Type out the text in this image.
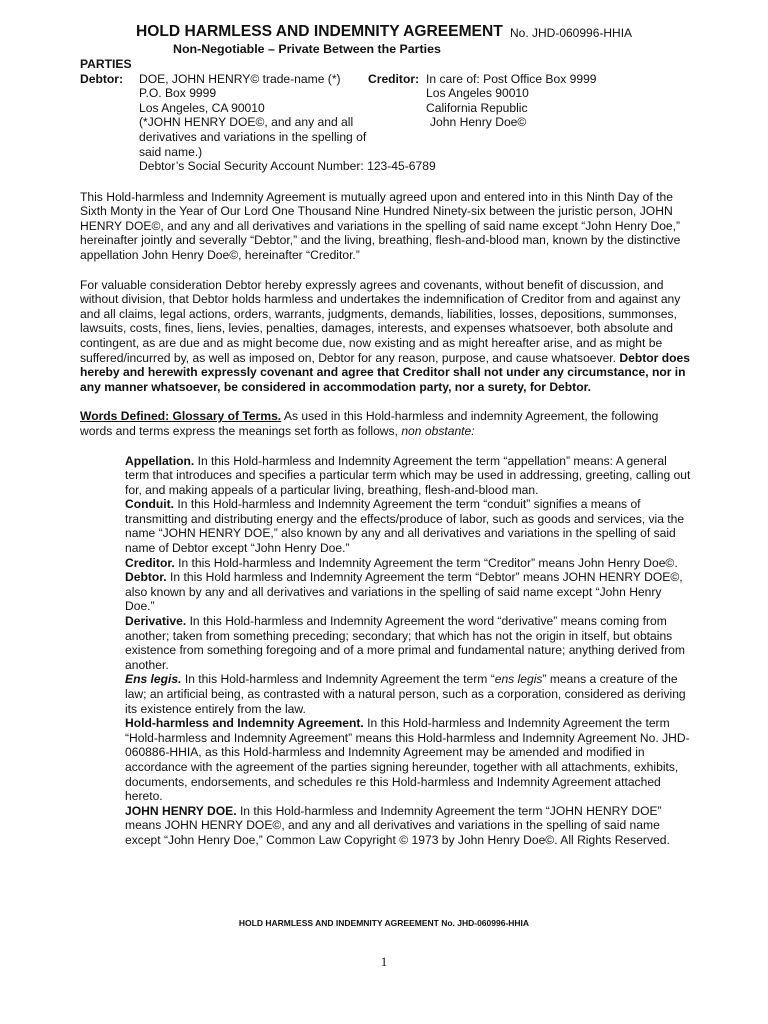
HOLD HARMLESS AND INDEMNITY AGREEMENT No. JHD-060996-HHIA
Non-Negotiable – Private Between the Parties
PARTIES
Debtor: DOE, JOHN HENRY© trade-name (*)
P.O. Box 9999
Los Angeles, CA 90010
(*JOHN HENRY DOE©, and any and all
derivatives and variations in the spelling of
said name.)
Debtor’s Social Security Account Number: 123-45-6789
Creditor: In care of: Post Office Box 9999
Los Angeles 90010
California Republic
John Henry Doe©

This Hold-harmless and Indemnity Agreement is mutually agreed upon and entered into in this Ninth Day of the Sixth Monty in the Year of Our Lord One Thousand Nine Hundred Ninety-six between the juristic person, JOHN HENRY DOE©, and any and all derivatives and variations in the spelling of said name except “John Henry Doe,” hereinafter jointly and severally “Debtor,” and the living, breathing, flesh-and-blood man, known by the distinctive appellation John Henry Doe©, hereinafter “Creditor.”

For valuable consideration Debtor hereby expressly agrees and covenants, without benefit of discussion, and without division, that Debtor holds harmless and undertakes the indemnification of Creditor from and against any and all claims, legal actions, orders, warrants, judgments, demands, liabilities, losses, depositions, summonses, lawsuits, costs, fines, liens, levies, penalties, damages, interests, and expenses whatsoever, both absolute and contingent, as are due and as might become due, now existing and as might hereafter arise, and as might be suffered/incurred by, as well as imposed on, Debtor for any reason, purpose, and cause whatsoever. Debtor does hereby and herewith expressly covenant and agree that Creditor shall not under any circumstance, nor in any manner whatsoever, be considered in accommodation party, nor a surety, for Debtor.

Words Defined: Glossary of Terms. As used in this Hold-harmless and indemnity Agreement, the following words and terms express the meanings set forth as follows, non obstante:

Appellation. In this Hold-harmless and Indemnity Agreement the term “appellation” means: A general term that introduces and specifies a particular term which may be used in addressing, greeting, calling out for, and making appeals of a particular living, breathing, flesh-and-blood man.

Conduit. In this Hold-harmless and Indemnity Agreement the term “conduit” signifies a means of transmitting and distributing energy and the effects/produce of labor, such as goods and services, via the name “JOHN HENRY DOE,” also known by any and all derivatives and variations in the spelling of said name of Debtor except “John Henry Doe.”

Creditor. In this Hold-harmless and Indemnity Agreement the term “Creditor” means John Henry Doe©.

Debtor. In this Hold harmless and Indemnity Agreement the term “Debtor” means JOHN HENRY DOE©, also known by any and all derivatives and variations in the spelling of said name except “John Henry Doe.”

Derivative. In this Hold-harmless and Indemnity Agreement the word “derivative” means coming from another; taken from something preceding; secondary; that which has not the origin in itself, but obtains existence from something foregoing and of a more primal and fundamental nature; anything derived from another.

Ens legis. In this Hold-harmless and Indemnity Agreement the term “ens legis” means a creature of the law; an artificial being, as contrasted with a natural person, such as a corporation, considered as deriving its existence entirely from the law.

Hold-harmless and Indemnity Agreement. In this Hold-harmless and Indemnity Agreement the term “Hold-harmless and Indemnity Agreement” means this Hold-harmless and Indemnity Agreement No. JHD-060886-HHIA, as this Hold-harmless and Indemnity Agreement may be amended and modified in accordance with the agreement of the parties signing hereunder, together with all attachments, exhibits, documents, endorsements, and schedules re this Hold-harmless and Indemnity Agreement attached hereto.

JOHN HENRY DOE. In this Hold-harmless and Indemnity Agreement the term “JOHN HENRY DOE” means JOHN HENRY DOE©, and any and all derivatives and variations in the spelling of said name except “John Henry Doe,” Common Law Copyright © 1973 by John Henry Doe©. All Rights Reserved.

HOLD HARMLESS AND INDEMNITY AGREEMENT No. JHD-060996-HHIA
1
